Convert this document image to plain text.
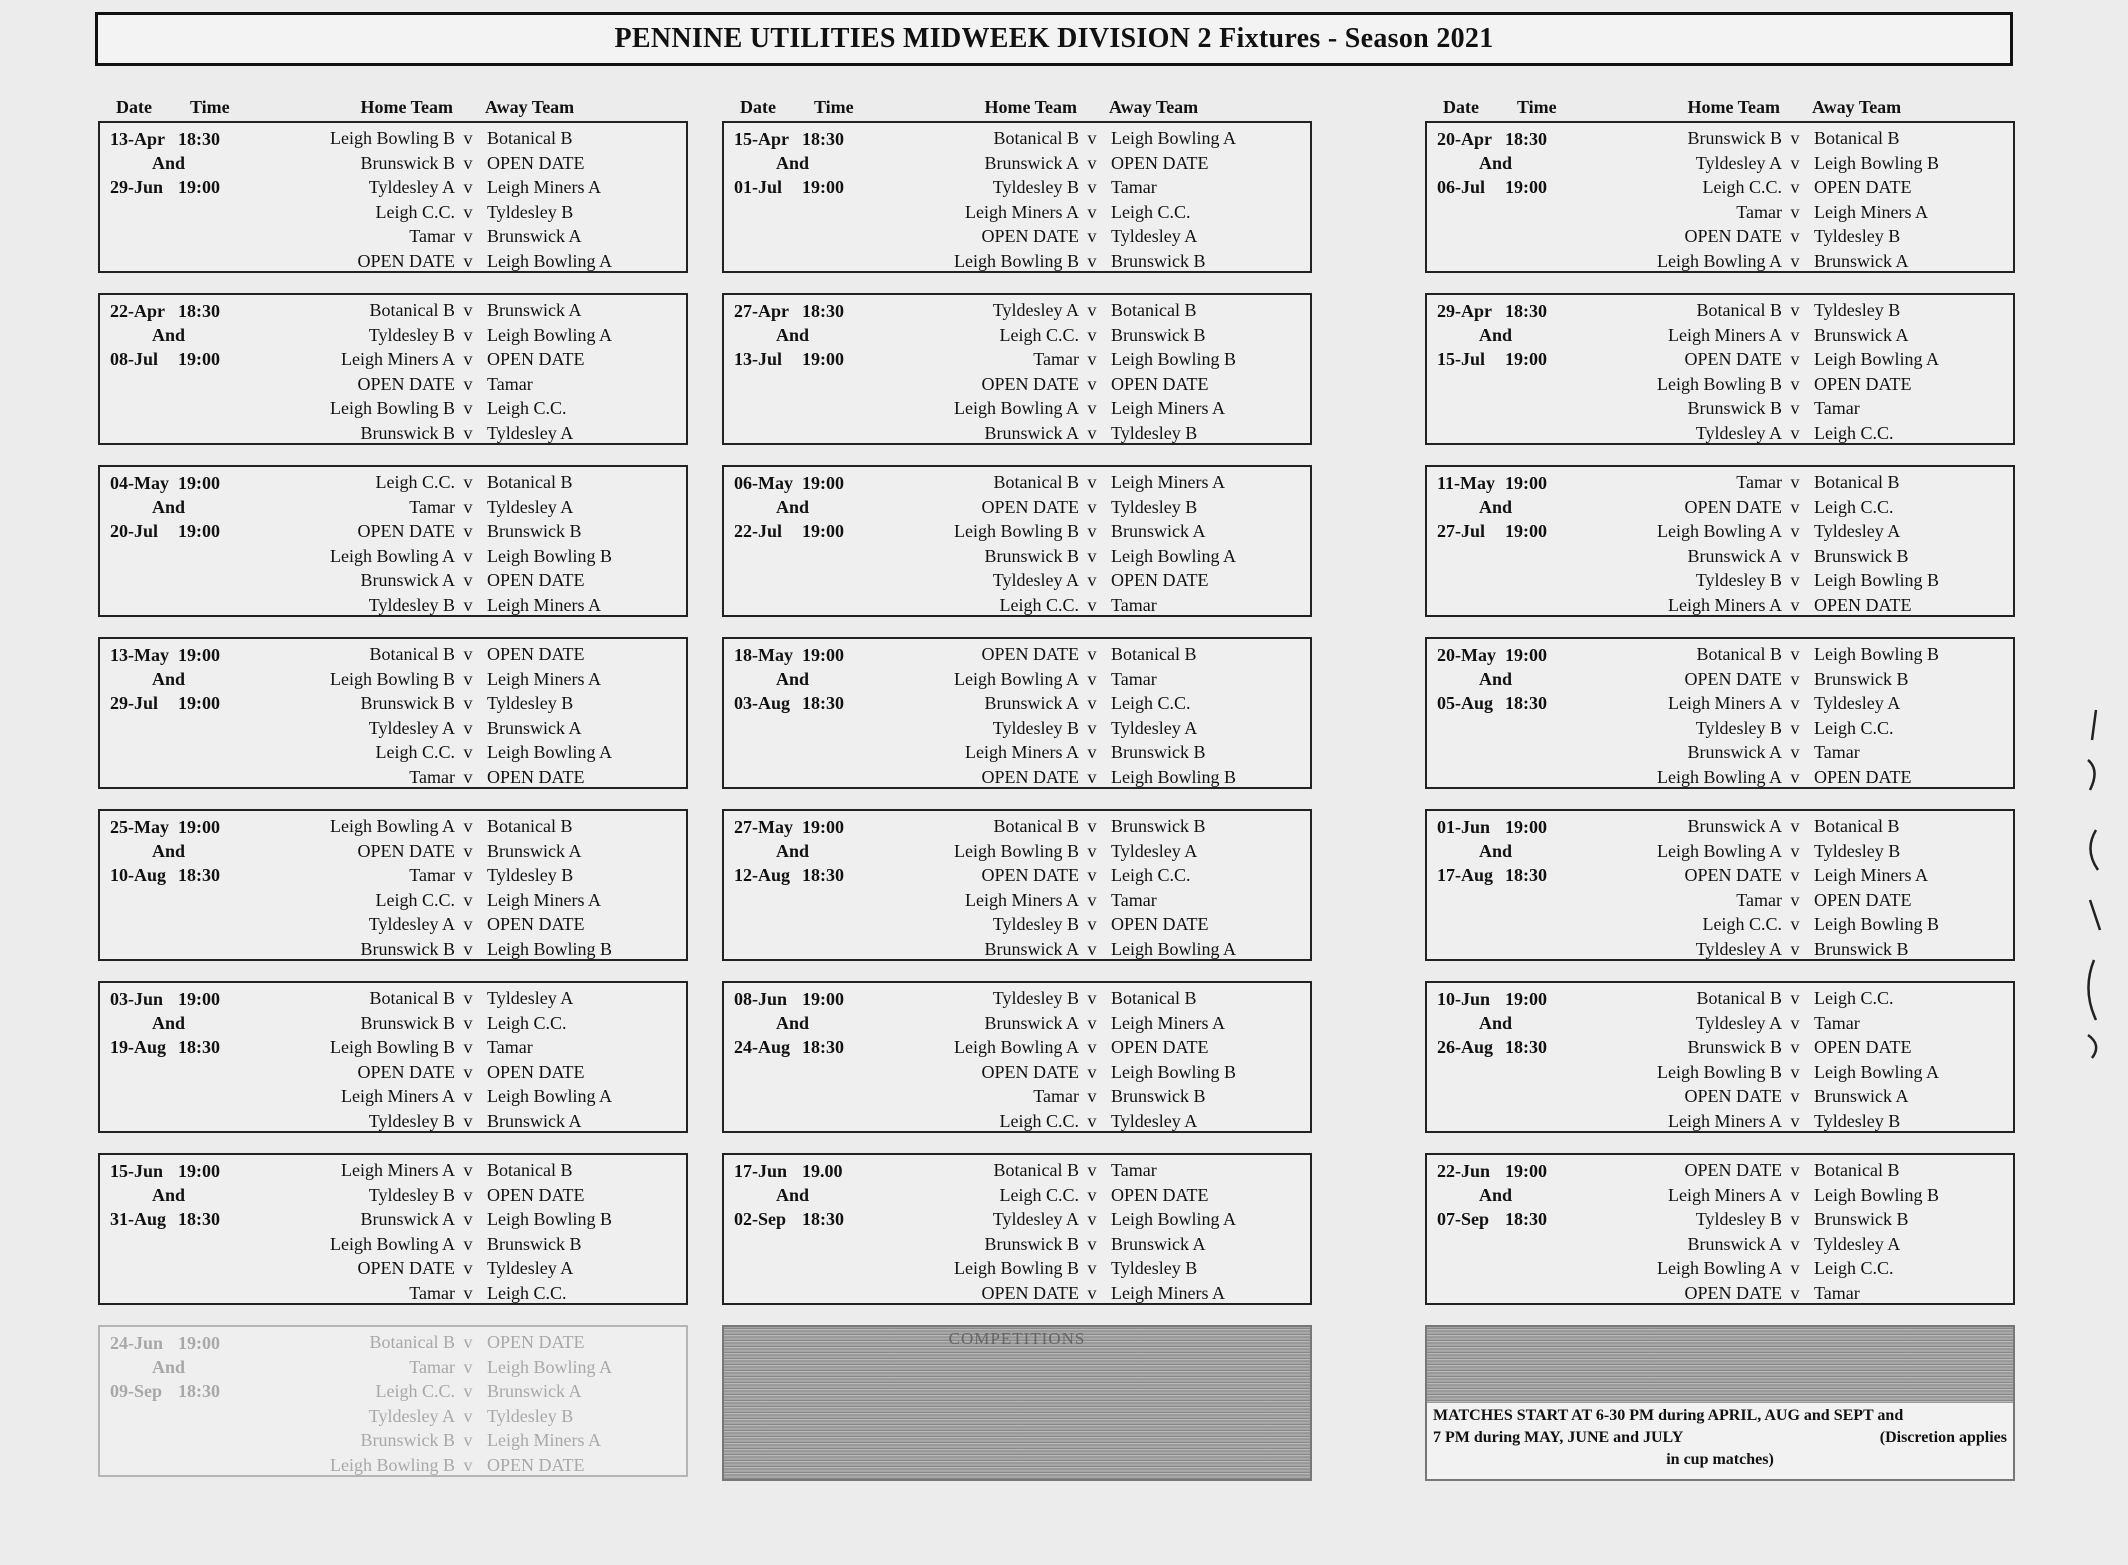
PENNINE UTILITIES MIDWEEK DIVISION 2 Fixtures - Season 2021
Date Time	Home Team Away Team
13-Apr 18:30
And
29-Jun 19:00
Leigh Bowling B v Botanical B
Brunswick B v OPEN DATE
Tyldesley A v Leigh Miners A
Leigh C.C. v Tyldesley B
Tamar v Brunswick A
OPEN DATE v Leigh Bowling A
22-Apr 18:30
And
08-Jul	19:00
Botanical B v Brunswick A
Tyldesley B v Leigh Bowling A
Leigh Miners A v OPEN DATE
OPEN DATE v Tamar
Leigh Bowling B v Leigh C.C.
Brunswick B v Tyldesley A
04-May 19:00
And
20-Jul	19:00
Leigh C.C. v Botanical B
Tamar v Tyldesley A
OPEN DATE v Brunswick B
Leigh Bowling A v Leigh Bowling B
Brunswick A v OPEN DATE
Tyldesley B v Leigh Miners A
13-May 19:00
And
29-Jul	19:00
Botanical B v OPEN DATE
Leigh Bowling B v Leigh Miners A
Brunswick B v Tyldesley B
Tyldesley A v Brunswick A
Leigh C.C. v Leigh Bowling A
Tamar v OPEN DATE
25-May 19:00
And
10-Aug 18:30
Leigh Bowling A v Botanical B
OPEN DATE v Brunswick A
Tamar v Tyldesley B
Leigh C.C. v Leigh Miners A
Tyldesley A v OPEN DATE
Brunswick B v Leigh Bowling B
03-Jun 19:00
And
19-Aug 18:30
Botanical B v Tyldesley A
Brunswick B v Leigh C.C.
Leigh Bowling B v Tamar
OPEN DATE v OPEN DATE
Leigh Miners A v Leigh Bowling A
Tyldesley B v Brunswick A
15-Jun 19:00
And
31-Aug 18:30
Leigh Miners A v Botanical B
Tyldesley B v OPEN DATE
Brunswick A v Leigh Bowling B
Leigh Bowling A v Brunswick B
OPEN DATE v Tyldesley A
Tamar v Leigh C.C.
24-Jun 19:00
And
09-Sep 18:30
Botanical B v OPEN DATE
Tamar v Leigh Bowling A
Leigh C.C. v Brunswick A
Tyldesley A v Tyldesley B
Brunswick B v Leigh Miners A
Leigh Bowling B v OPEN DATE
Date Time	Home Team Away Team
15-Apr 18:30
And
01-Jul	19:00
Botanical B v Leigh Bowling A
Brunswick A v OPEN DATE
Tyldesley B v Tamar
Leigh Miners A v Leigh C.C.
OPEN DATE v Tyldesley A
Leigh Bowling B v Brunswick B
27-Apr 18:30
And
13-Jul	19:00
Tyldesley A v Botanical B
Leigh C.C. v Brunswick B
Tamar v Leigh Bowling B
OPEN DATE v OPEN DATE
Leigh Bowling A v Leigh Miners A
Brunswick A v Tyldesley B
06-May 19:00
And
22-Jul	19:00
Botanical B v Leigh Miners A
OPEN DATE v Tyldesley B
Leigh Bowling B v Brunswick A
Brunswick B v Leigh Bowling A
Tyldesley A v OPEN DATE
Leigh C.C. v Tamar
18-May 19:00
And
03-Aug 18:30
OPEN DATE v Botanical B
Leigh Bowling A v Tamar
Brunswick A v Leigh C.C.
Tyldesley B v Tyldesley A
Leigh Miners A v Brunswick B
OPEN DATE v Leigh Bowling B
27-May 19:00
And
12-Aug 18:30
Botanical B v Brunswick B
Leigh Bowling B v Tyldesley A
OPEN DATE v Leigh C.C.
Leigh Miners A v Tamar
Tyldesley B v OPEN DATE
Brunswick A v Leigh Bowling A
08-Jun 19:00
And
24-Aug 18:30
Tyldesley B v Botanical B
Brunswick A v Leigh Miners A
Leigh Bowling A v OPEN DATE
OPEN DATE v Leigh Bowling B
Tamar v Brunswick B
Leigh C.C. v Tyldesley A
17-Jun 19.00
And
02-Sep 18:30
Botanical B v Tamar
Leigh C.C. v OPEN DATE
Tyldesley A v Leigh Bowling A
Brunswick B v Brunswick A
Leigh Bowling B v Tyldesley B
OPEN DATE v Leigh Miners A
COMPETITIONS
Date Time	Home Team Away Team
20-Apr 18:30
And
06-Jul	19:00
Brunswick B v Botanical B
Tyldesley A v Leigh Bowling B
Leigh C.C. v OPEN DATE
Tamar v Leigh Miners A
OPEN DATE v Tyldesley B
Leigh Bowling A v Brunswick A
29-Apr 18:30
And
15-Jul	19:00
Botanical B v Tyldesley B
Leigh Miners A v Brunswick A
OPEN DATE v Leigh Bowling A
Leigh Bowling B v OPEN DATE
Brunswick B v Tamar
Tyldesley A v Leigh C.C.
11-May 19:00
And
27-Jul	19:00
Tamar v Botanical B
OPEN DATE v Leigh C.C.
Leigh Bowling A v Tyldesley A
Brunswick A v Brunswick B
Tyldesley B v Leigh Bowling B
Leigh Miners A v OPEN DATE
20-May 19:00
And
05-Aug 18:30
Botanical B v Leigh Bowling B
OPEN DATE v Brunswick B
Leigh Miners A v Tyldesley A
Tyldesley B v Leigh C.C.
Brunswick A v Tamar
Leigh Bowling A v OPEN DATE
01-Jun 19:00
And
17-Aug 18:30
Brunswick A v Botanical B
Leigh Bowling A v Tyldesley B
OPEN DATE v Leigh Miners A
Tamar v OPEN DATE
Leigh C.C. v Leigh Bowling B
Tyldesley A v Brunswick B
10-Jun 19:00
And
26-Aug 18:30
Botanical B v Leigh C.C.
Tyldesley A v Tamar
Brunswick B v OPEN DATE
Leigh Bowling B v Leigh Bowling A
OPEN DATE v Brunswick A
Leigh Miners A v Tyldesley B
22-Jun 19:00
And
07-Sep 18:30
OPEN DATE v Botanical B
Leigh Miners A v Leigh Bowling B
Tyldesley B v Brunswick B
Brunswick A v Tyldesley A
Leigh Bowling A v Leigh C.C.
OPEN DATE v Tamar
MATCHES START AT 6-30 PM during APRIL, AUG and SEPT and
7 PM during MAY, JUNE and JULY	(Discretion applies
in cup matches)
